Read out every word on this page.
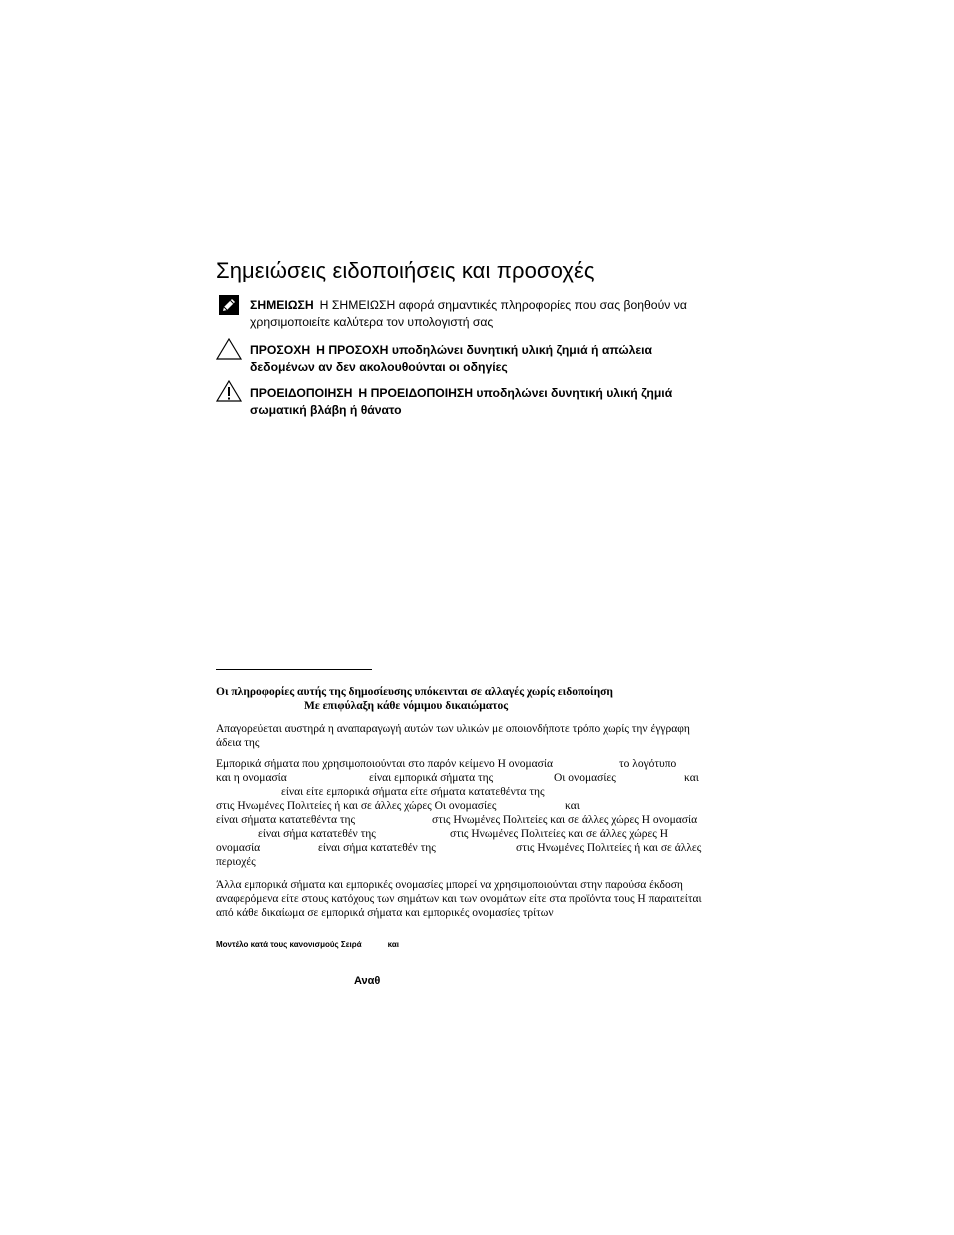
Σημειώσεις ειδοποιήσεις και προσοχές
ΣΗΜΕΙΩΣΗ Η ΣΗΜΕΙΩΣΗ αφορά σημαντικές πληροφορίες που σας βοηθούν να χρησιμοποιείτε καλύτερα τον υπολογιστή σας
ΠΡΟΣΟΧΗ Η ΠΡΟΣΟΧΗ υποδηλώνει δυνητική υλική ζημιά ή απώλεια δεδομένων αν δεν ακολουθούνται οι οδηγίες
ΠΡΟΕΙΔΟΠΟΙΗΣΗ Η ΠΡΟΕΙΔΟΠΟΙΗΣΗ υποδηλώνει δυνητική υλική ζημιά σωματική βλάβη ή θάνατο
Οι πληροφορίες αυτής της δημοσίευσης υπόκεινται σε αλλαγές χωρίς ειδοποίηση
Με επιφύλαξη κάθε νόμιμου δικαιώματος
Απαγορεύεται αυστηρά η αναπαραγωγή αυτών των υλικών με οποιονδήποτε τρόπο χωρίς την έγγραφη άδεια της
Εμπορικά σήματα που χρησιμοποιούνται στο παρόν κείμενο Η ονομασία	το λογότυπο
και η ονομασία	είναι εμπορικά σήματα της	Οι ονομασίες	και
είναι είτε εμπορικά σήματα είτε σήματα κατατεθέντα της
στις Ηνωμένες Πολιτείες ή και σε άλλες χώρες Οι ονομασίες	και
είναι σήματα κατατεθέντα της	στις Ηνωμένες Πολιτείες και σε άλλες χώρες Η ονομασία
είναι σήμα κατατεθέν της	στις Ηνωμένες Πολιτείες και σε άλλες χώρες Η
ονομασία	είναι σήμα κατατεθέν της	στις Ηνωμένες Πολιτείες ή και σε άλλες
περιοχές
Άλλα εμπορικά σήματα και εμπορικές ονομασίες μπορεί να χρησιμοποιούνται στην παρούσα έκδοση αναφερόμενα είτε στους κατόχους των σημάτων και των ονομάτων είτε στα προϊόντα τους Η παραιτείται από κάθε δικαίωμα σε εμπορικά σήματα και εμπορικές ονομασίες τρίτων
Μοντέλο κατά τους κανονισμούς Σειρά	και
Αναθ
